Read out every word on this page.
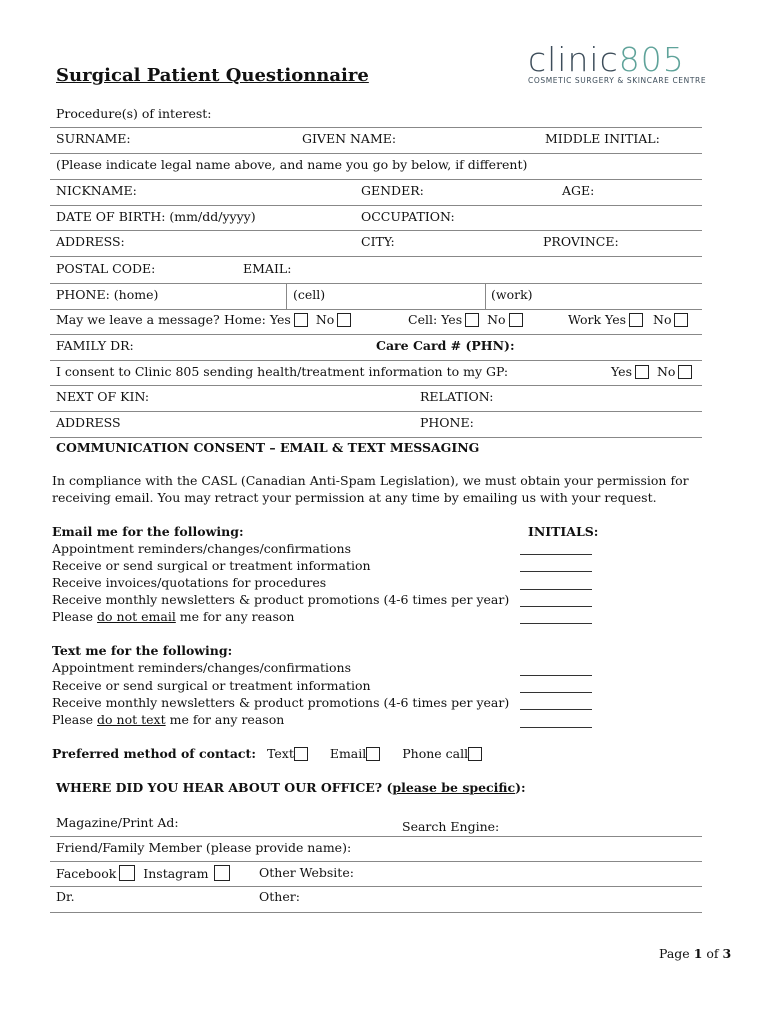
Surgical Patient Questionnaire	clinic805
COSMETIC SURGERY & SKINCARE CENTRE
Procedure(s) of interest:
SURNAME:	GIVEN NAME:	MIDDLE INITIAL:
(Please indicate legal name above, and name you go by below, if different)
NICKNAME:	GENDER:	AGE:
DATE OF BIRTH: (mm/dd/yyyy)	OCCUPATION:
ADDRESS:	CITY:	PROVINCE:
POSTAL CODE:	EMAIL:
PHONE: (home)	(cell)	(work)
May we leave a message? Home: Yes No	Cell: Yes No	Work Yes No
FAMILY DR:	Care Card # (PHN):
I consent to Clinic 805 sending health/treatment information to my GP:	Yes No
NEXT OF KIN:	RELATION:
ADDRESS	PHONE:
COMMUNICATION CONSENT – EMAIL & TEXT MESSAGING
In compliance with the CASL (Canadian Anti-Spam Legislation), we must obtain your permission for
receiving email. You may retract your permission at any time by emailing us with your request.
Email me for the following:	INITIALS:
Appointment reminders/changes/confirmations
Receive or send surgical or treatment information
Receive invoices/quotations for procedures
Receive monthly newsletters & product promotions (4-6 times per year)
Please do not email me for any reason
Text me for the following:
Appointment reminders/changes/confirmations
Receive or send surgical or treatment information
Receive monthly newsletters & product promotions (4-6 times per year)
Please do not text me for any reason
Preferred method of contact: Text	Email	Phone call
WHERE DID YOU HEAR ABOUT OUR OFFICE? (please be specific):
Magazine/Print Ad:	Search Engine:
Friend/Family Member (please provide name):
Facebook Instagram	Other Website:
Dr.	Other:
Page 1 of 3
